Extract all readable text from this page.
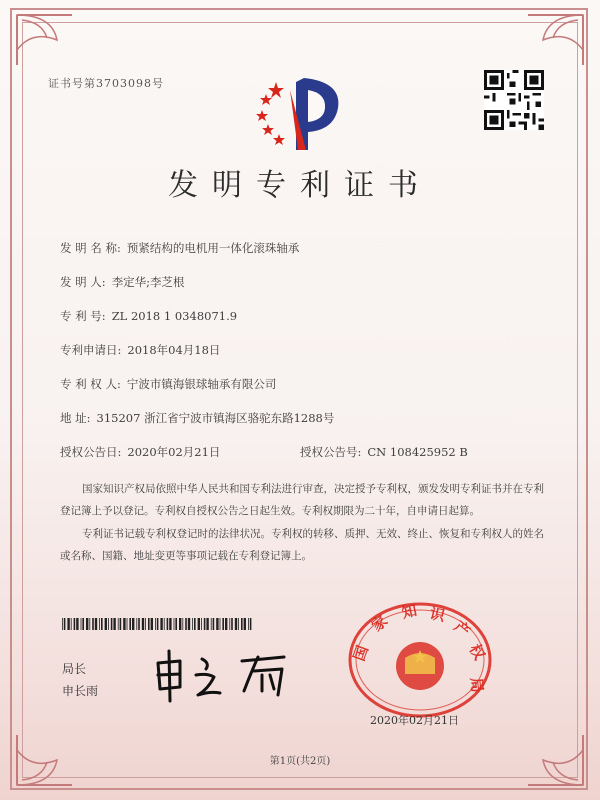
证书号第3703098号
发明专利证书
发 明 名 称: 预紧结构的电机用一体化滚珠轴承
发 明 人: 李定华;李芝根
专 利 号: ZL 2018 1 0348071.9
专利申请日: 2018年04月18日
专 利 权 人: 宁波市镇海银球轴承有限公司
地 址: 315207 浙江省宁波市镇海区骆驼东路1288号
授权公告日: 2020年02月21日	授权公告号: CN 108425952 B
国家知识产权局依照中华人民共和国专利法进行审查，决定授予专利权，颁发发明专利证书并在专利登记簿上予以登记。专利权自授权公告之日起生效。专利权期限为二十年，自申请日起算。
专利证书记载专利权登记时的法律状况。专利权的转移、质押、无效、终止、恢复和专利权人的姓名或名称、国籍、地址变更等事项记载在专利登记簿上。
局长
申长雨
国
家
知 识
产
权
局
2020年02月21日
第1页(共2页)
